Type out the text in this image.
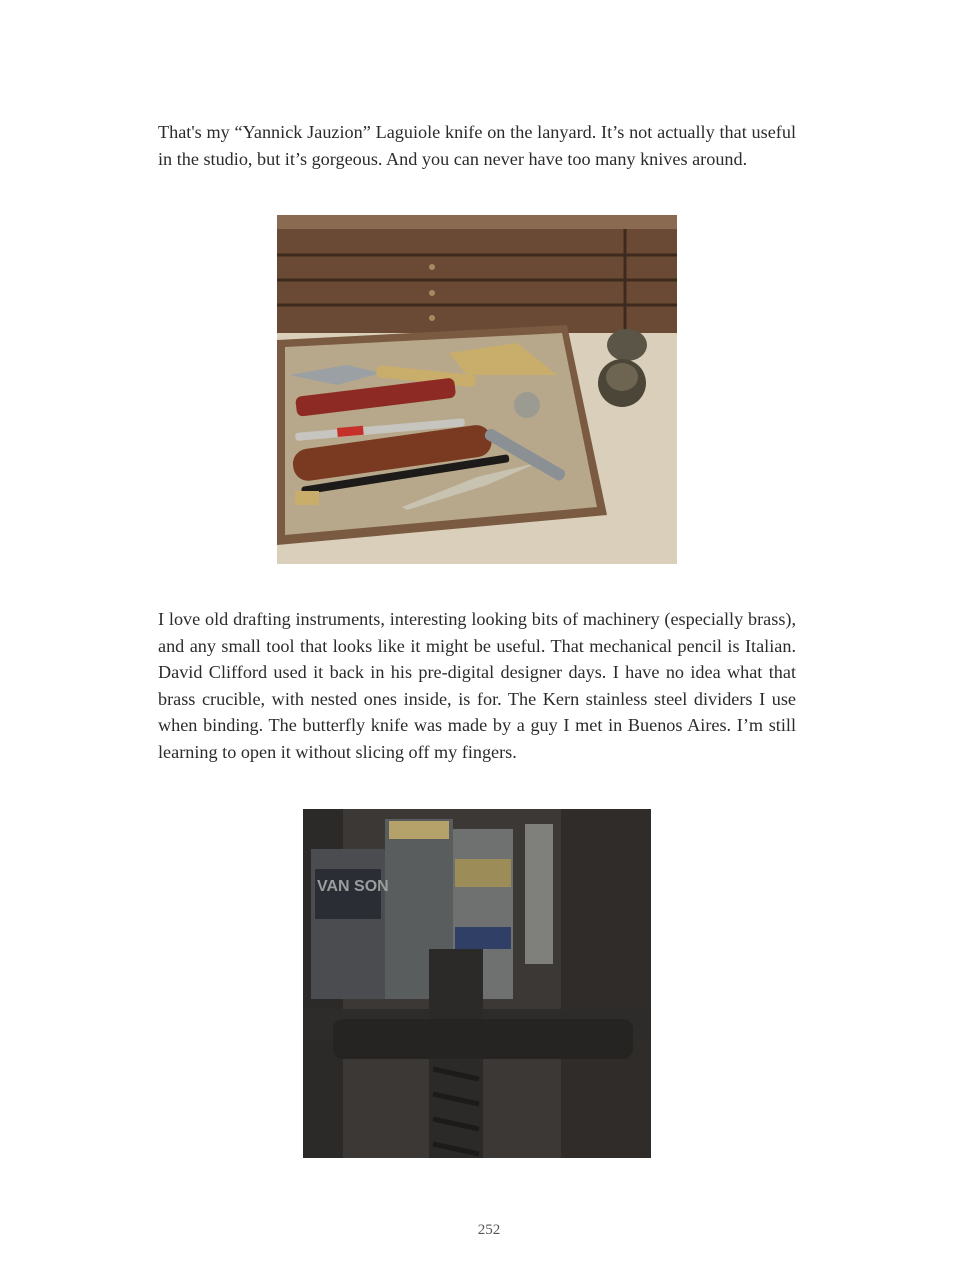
That's my “Yannick Jauzion” Laguiole knife on the lanyard. It’s not actually that useful in the studio, but it’s gorgeous. And you can never have too many knives around.

I love old drafting instruments, interesting looking bits of machinery (especially brass), and any small tool that looks like it might be useful. That mechanical pencil is Italian. David Clifford used it back in his pre-digital designer days. I have no idea what that brass crucible, with nested ones inside, is for. The Kern stainless steel dividers I use when binding. The butterfly knife was made by a guy I met in Buenos Aires. I’m still learning to open it without slicing off my fingers.

VAN SON
252
